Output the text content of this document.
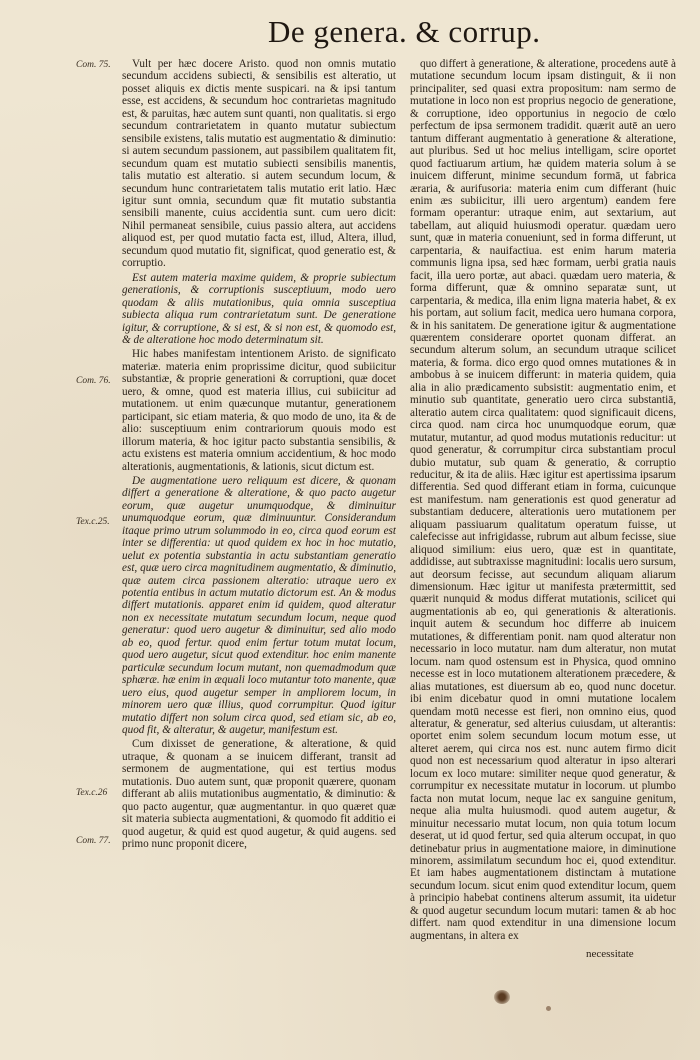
De genera. & corrup.
Com. 75.
Com. 76.
Tex.c.25.
Tex.c.26
Com. 77.

Vult per hæc docere Aristo. quod non omnis mutatio secundum accidens subiecti, & sensibilis est alteratio, ut posset aliquis ex dictis mente suspicari. na & ipsi tantum esse, est accidens, & secundum hoc contrarietas magnitudo est, & paruitas, hæc autem sunt quanti, non qualitatis. si ergo secundum contrarietatem in quanto mutatur subiectum sensibile existens, talis mutatio est augmentatio & diminutio: si autem secundum passionem, aut passibilem qualitatem fit, secundum quam est mutatio subiecti sensibilis manentis, talis mutatio est alteratio. si autem secundum locum, & secundum hunc contrarietatem talis mutatio erit latio. Hæc igitur sunt omnia, secundum quæ fit mutatio substantia sensibili manente, cuius accidentia sunt. cum uero dicit: Nihil permaneat sensibile, cuius passio altera, aut accidens aliquod est, per quod mutatio facta est, illud, Altera, illud, secundum quod mutatio fit, significat, quod generatio est, & corruptio.

Est autem materia maxime quidem, & proprie subiectum generationis, & corruptionis susceptiuum, modo uero quodam & aliis mutationibus, quia omnia susceptiua subiecta aliqua rum contrarietatum sunt. De generatione igitur, & corruptione, & si est, & si non est, & quomodo est, & de alteratione hoc modo determinatum sit.

Hic habes manifestam intentionem Aristo. de significato materiæ. materia enim proprissime dicitur, quod subiicitur substantiæ, & proprie generationi & corruptioni, quæ docet uero, & omne, quod est materia illius, cui subiicitur ad mutationem. ut enim quæcunque mutantur, generationem participant, sic etiam materia, & quo modo de uno, ita & de alio: susceptiuum enim contrariorum quouis modo est illorum materia, & hoc igitur pacto substantia sensibilis, & actu existens est materia omnium accidentium, & hoc modo alterationis, augmentationis, & lationis, sicut dictum est.

De augmentatione uero reliquum est dicere, & quonam differt a generatione & alteratione, & quo pacto augetur eorum, quæ augetur unumquodque, & diminuitur unumquodque eorum, quæ diminuuntur. Considerandum itaque primo utrum solummodo in eo, circa quod eorum est inter se differentia: ut quod quidem ex hoc in hoc mutatio, uelut ex potentia substantia in actu substantiam generatio est, quæ uero circa magnitudinem augmentatio, & diminutio, quæ autem circa passionem alteratio: utraque uero ex potentia entibus in actum mutatio dictorum est. An & modus differt mutationis. apparet enim id quidem, quod alteratur non ex necessitate mutatum secundum locum, neque quod generatur: quod uero augetur & diminuitur, sed alio modo ab eo, quod fertur. quod enim fertur totum mutat locum, quod uero augetur, sicut quod extenditur. hoc enim manente particulæ secundum locum mutant, non quemadmodum quæ sphæræ. hæ enim in æquali loco mutantur toto manente, quæ uero eius, quod augetur semper in ampliorem locum, in minorem uero quæ illius, quod corrumpitur. Quod igitur mutatio differt non solum circa quod, sed etiam sic, ab eo, quod fit, & alteratur, & augetur, manifestum est.

Cum dixisset de generatione, & alteratione, & quid utraque, & quonam a se inuicem differant, transit ad sermonem de augmentatione, qui est tertius modus mutationis. Duo autem sunt, quæ proponit quærere, quonam differant ab aliis mutationibus augmentatio, & diminutio: & quo pacto augentur, quæ augmentantur. in quo quæret quæ sit materia subiecta augmentationi, & quomodo fit additio ei quod augetur, & quid est quod augetur, & quid augens. sed primo nunc proponit dicere,

quo differt à generatione, & alteratione, procedens autē à mutatione secundum locum ipsam distinguit, & ii non principaliter, sed quasi extra propositum: nam sermo de mutatione in loco non est proprius negocio de generatione, & corruptione, ideo opportunius in negocio de cœlo perfectum de ipsa sermonem tradidit. quærit autē an uero tantum differant augmentatio à generatione & alteratione, aut pluribus. Sed ut hoc melius intelligam, scire oportet quod factiuarum artium, hæ quidem materia solum à se inuicem differunt, minime secundum formā, ut fabrica æraria, & aurifusoria: materia enim cum differant (huic enim æs subiicitur, illi uero argentum) eandem fere formam operantur: utraque enim, aut sextarium, aut tabellam, aut aliquid huiusmodi operatur. quædam uero sunt, quæ in materia conueniunt, sed in forma differunt, ut carpentaria, & nauifactiua. est enim harum materia communis ligna ipsa, sed hæc formam, uerbi gratia nauis facit, illa uero portæ, aut abaci. quædam uero materia, & forma differunt, quæ & omnino separatæ sunt, ut carpentaria, & medica, illa enim ligna materia habet, & ex his portam, aut solium facit, medica uero humana corpora, & in his sanitatem. De generatione igitur & augmentatione quærentem considerare oportet quonam differat. an secundum alterum solum, an secundum utraque scilicet materia, & forma. dico ergo quod omnes mutationes & in ambobus à se inuicem differunt: in materia quidem, quia alia in alio prædicamento subsistit: augmentatio enim, et minutio sub quantitate, generatio uero circa substantiā, alteratio autem circa qualitatem: quod significauit dicens, circa quod. nam circa hoc unumquodque eorum, quæ mutatur, mutantur, ad quod modus mutationis reducitur: ut quod generatur, & corrumpitur circa substantiam procul dubio mutatur, sub quam & generatio, & corruptio reducitur, & ita de aliis. Hæc igitur est apertissima ipsarum differentia. Sed quod differant etiam in forma, cuicunque est manifestum. nam generationis est quod generatur ad substantiam deducere, alterationis uero mutationem per aliquam passiuarum qualitatum operatum fuisse, ut calefecisse aut infrigidasse, rubrum aut album fecisse, siue aliquod similium: eius uero, quæ est in quantitate, addidisse, aut subtraxisse magnitudini: localis uero sursum, aut deorsum fecisse, aut secundum aliquam aliarum dimensionum. Hæc igitur ut manifesta prætermittit, sed quærit nunquid & modus differat mutationis, scilicet qui augmentationis ab eo, qui generationis & alterationis. inquit autem & secundum hoc differre ab inuicem mutationes, & differentiam ponit. nam quod alteratur non necessario in loco mutatur. nam dum alteratur, non mutat locum. nam quod ostensum est in Physica, quod omnino necesse est in loco mutationem alterationem præcedere, & alias mutationes, est diuersum ab eo, quod nunc docetur. ibi enim dicebatur quod in omni mutatione localem quendam motū necesse est fieri, non omnino eius, quod alteratur, & generatur, sed alterius cuiusdam, ut alterantis: oportet enim solem secundum locum motum esse, ut alteret aerem, qui circa nos est. nunc autem firmo dicit quod non est necessarium quod alteratur in ipso alterari locum ex loco mutare: similiter neque quod generatur, & corrumpitur ex necessitate mutatur in locorum. ut plumbo facta non mutat locum, neque lac ex sanguine genitum, neque alia multa huiusmodi. quod autem augetur, & minuitur necessario mutat locum, non quia totum locum deserat, ut id quod fertur, sed quia alterum occupat, in quo detinebatur prius in augmentatione maiore, in diminutione minorem, assimilatum secundum hoc ei, quod extenditur. Et iam habes augmentationem distinctam à mutatione secundum locum. sicut enim quod extenditur locum, quem à principio habebat continens alterum assumit, ita uidetur & quod augetur secundum locum mutari: tamen & ab hoc differt. nam quod extenditur in una dimensione locum augmentans, in altera ex

necessitate
